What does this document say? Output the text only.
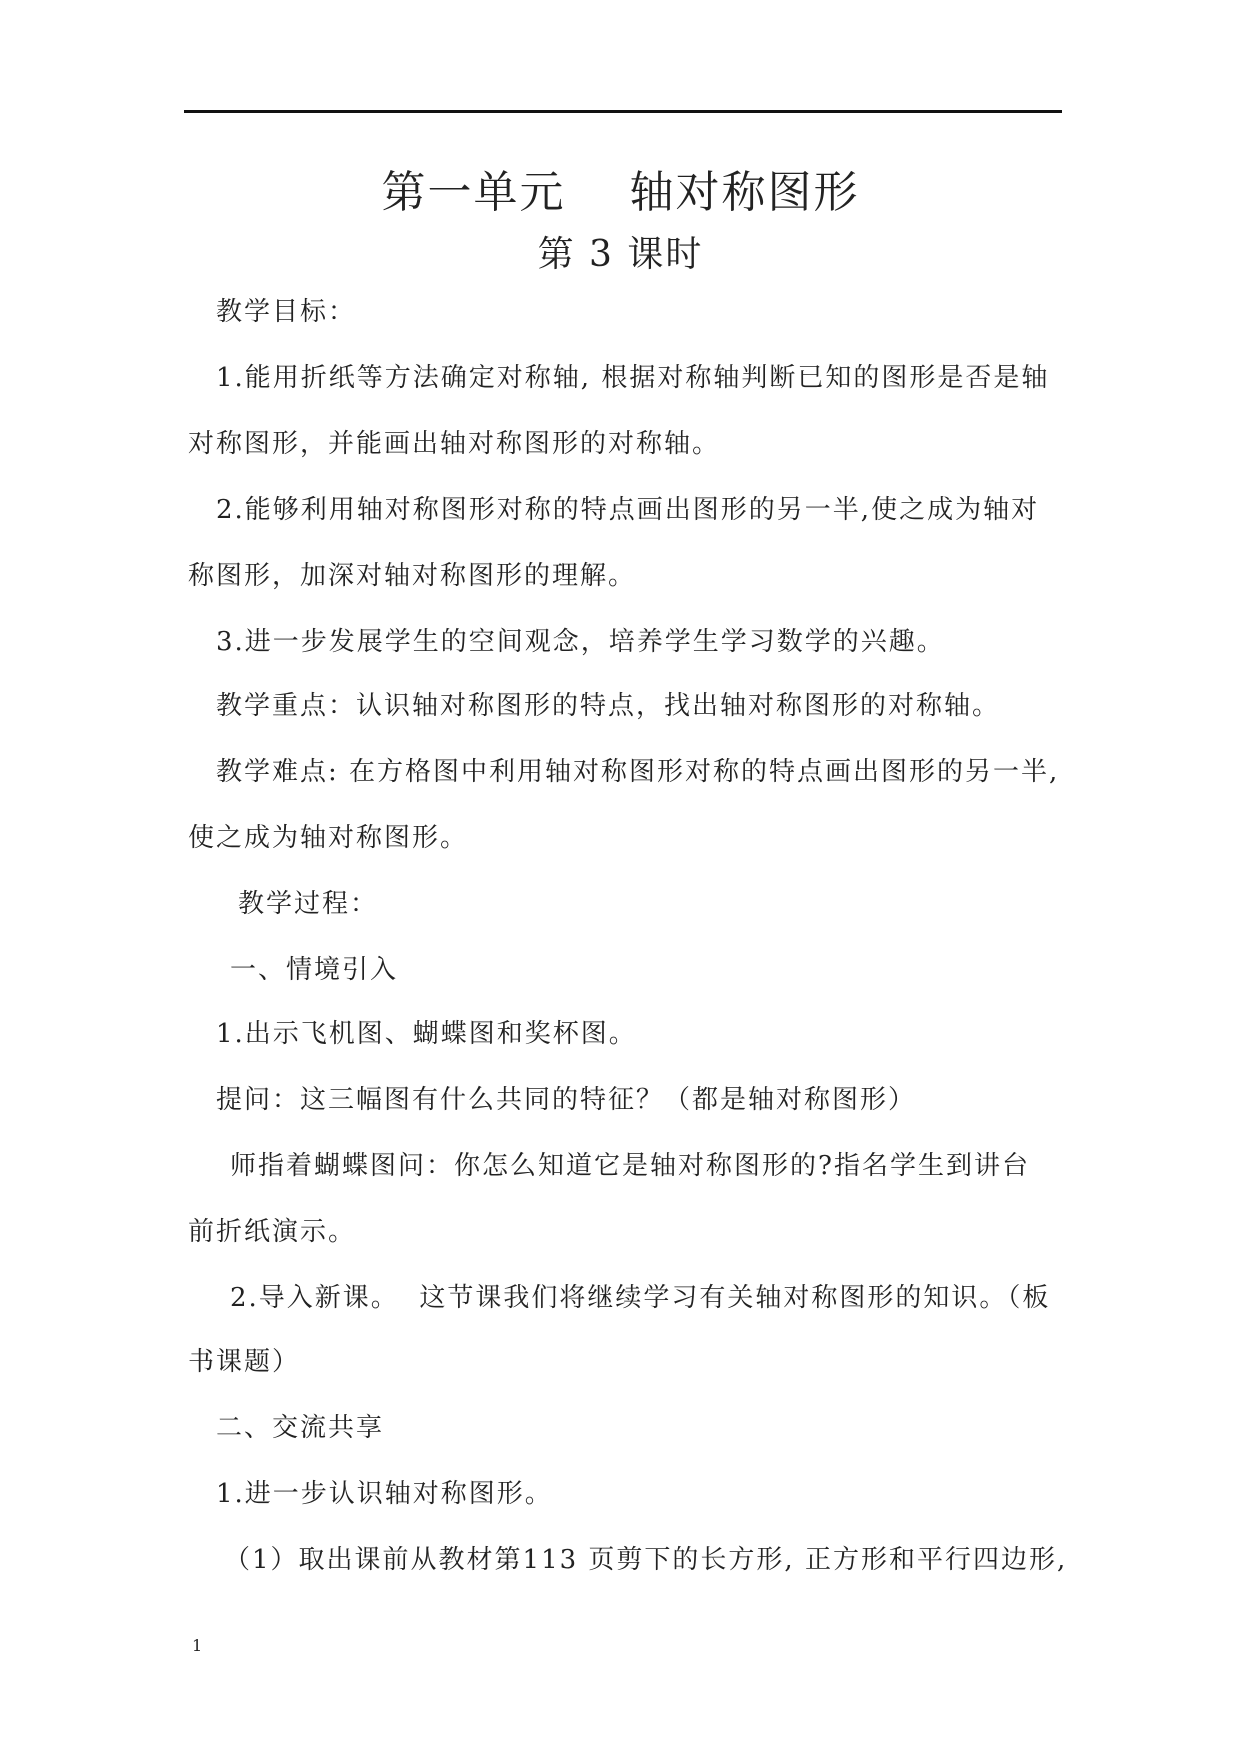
第一单元    轴对称图形
第 3 课时
教学目标：
1.能用折纸等方法确定对称轴, 根据对称轴判断已知的图形是否是轴
对称图形，并能画出轴对称图形的对称轴。
2.能够利用轴对称图形对称的特点画出图形的另一半,使之成为轴对
称图形，加深对轴对称图形的理解。
3.进一步发展学生的空间观念，培养学生学习数学的兴趣。
教学重点：认识轴对称图形的特点，找出轴对称图形的对称轴。
教学难点: 在方格图中利用轴对称图形对称的特点画出图形的另一半,
使之成为轴对称图形。
教学过程：
一、情境引入
1.出示飞机图、蝴蝶图和奖杯图。
提问：这三幅图有什么共同的特征？（都是轴对称图形）
师指着蝴蝶图问：你怎么知道它是轴对称图形的?指名学生到讲台
前折纸演示。
2.导入新课。  这节课我们将继续学习有关轴对称图形的知识。（板
书课题）
二、交流共享
1.进一步认识轴对称图形。
（1）取出课前从教材第113 页剪下的长方形, 正方形和平行四边形,
1
